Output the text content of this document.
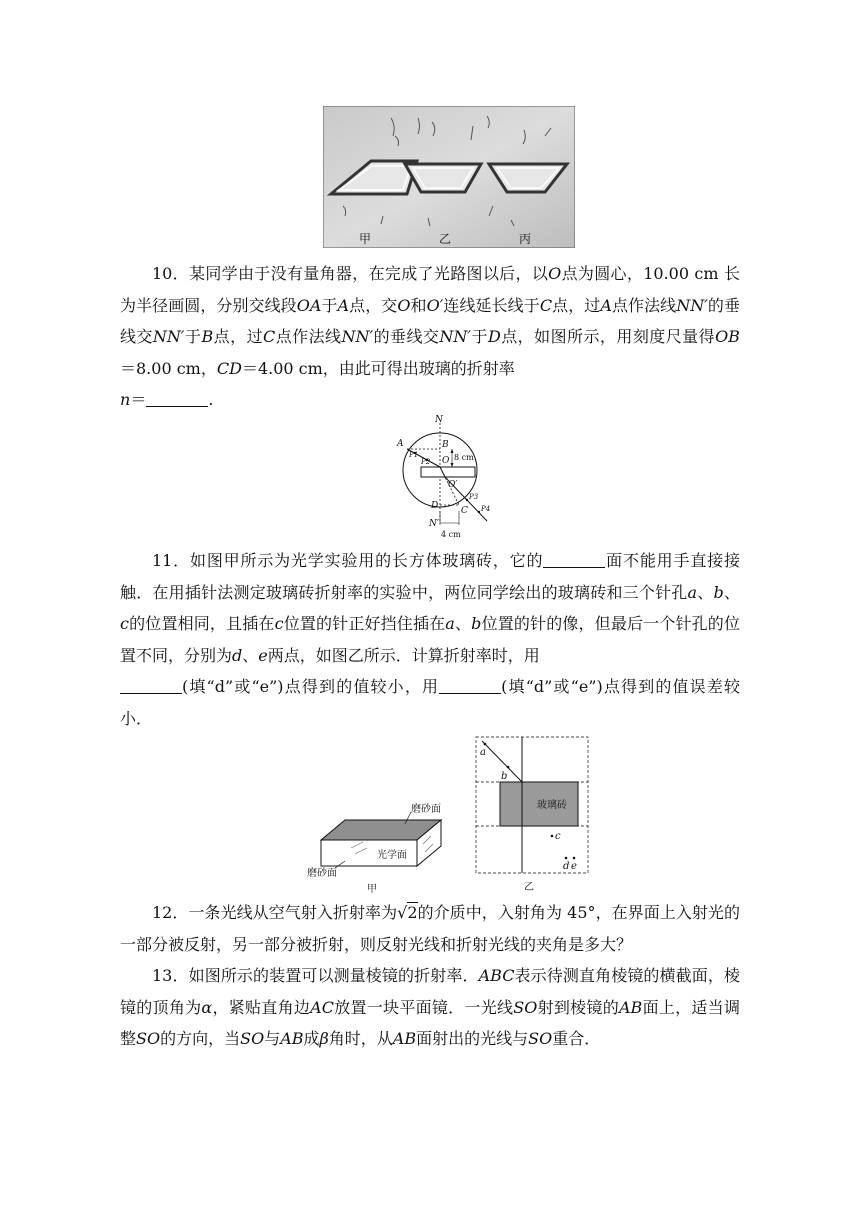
甲	乙	丙

10．某同学由于没有量角器，在完成了光路图以后，以O点为圆心，10.00 cm 长为半径画圆，分别交线段OA于A点，交O和O′连线延长线于C点，过A点作法线NN′的垂线交NN′于B点，过C点作法线NN′的垂线交NN′于D点，如图所示，用刻度尺量得OB＝8.00 cm，CD＝4.00 cm，由此可得出玻璃的折射率
n＝	.

N
A	B
P1
P2 O
O′
D
P3
P4
C
N′
8 cm
4 cm

11．如图甲所示为光学实验用的长方体玻璃砖，它的	面不能用手直接接触．在用插针法测定玻璃砖折射率的实验中，两位同学绘出的玻璃砖和三个针孔a、b、c的位置相同，且插在c位置的针正好挡住插在a、b位置的针的像，但最后一个针孔的位置不同，分别为d、e两点，如图乙所示．计算折射率时，用
(填“d”或“e”)点得到的值较小，用	(填“d”或“e”)点得到的值误差较小．

磨砂面
光学面
磨砂面
甲
a
b
c
d e
玻璃砖
乙

12．一条光线从空气射入折射率为√2的介质中，入射角为 45°，在界面上入射光的一部分被反射，另一部分被折射，则反射光线和折射光线的夹角是多大？

13．如图所示的装置可以测量棱镜的折射率．ABC表示待测直角棱镜的横截面，棱镜的顶角为α，紧贴直角边AC放置一块平面镜．一光线SO射到棱镜的AB面上，适当调整SO的方向，当SO与AB成β角时，从AB面射出的光线与SO重合．
